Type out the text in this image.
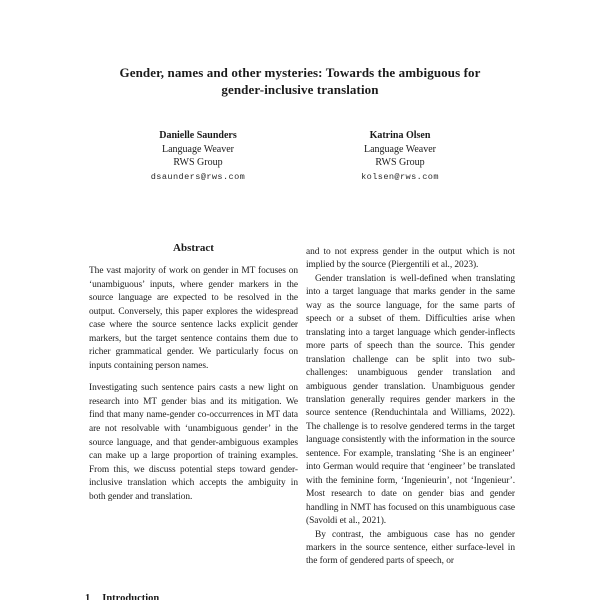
Gender, names and other mysteries: Towards the ambiguous for
gender-inclusive translation
Danielle Saunders
Language Weaver
RWS Group
dsaunders@rws.com
Katrina Olsen
Language Weaver
RWS Group
kolsen@rws.com
Abstract

The vast majority of work on gender in MT focuses on ‘unambiguous’ inputs, where gender markers in the source language are expected to be resolved in the output. Conversely, this paper explores the widespread case where the source sentence lacks explicit gender markers, but the target sentence contains them due to richer grammatical gender. We particularly focus on inputs containing person names.

Investigating such sentence pairs casts a new light on research into MT gender bias and its mitigation. We find that many name-gender co-occurrences in MT data are not resolvable with ‘unambiguous gender’ in the source language, and that gender-ambiguous examples can make up a large proportion of training examples. From this, we discuss potential steps toward gender-inclusive translation which accepts the ambiguity in both gender and translation.

1 Introduction

and to not express gender in the output which is not implied by the source (Piergentili et al., 2023).

Gender translation is well-defined when translating into a target language that marks gender in the same way as the source language, for the same parts of speech or a subset of them. Difficulties arise when translating into a target language which gender-inflects more parts of speech than the source. This gender translation challenge can be split into two sub-challenges: unambiguous gender translation and ambiguous gender translation. Unambiguous gender translation generally requires gender markers in the source sentence (Renduchintala and Williams, 2022). The challenge is to resolve gendered terms in the target language consistently with the information in the source sentence. For example, translating ‘She is an engineer’ into German would require that ‘engineer’ be translated with the feminine form, ‘Ingenieurin’, not ‘Ingenieur’. Most research to date on gender bias and gender handling in NMT has focused on this unambiguous case (Savoldi et al., 2021).

By contrast, the ambiguous case has no gender markers in the source sentence, either surface-level in the form of gendered parts of speech, or
